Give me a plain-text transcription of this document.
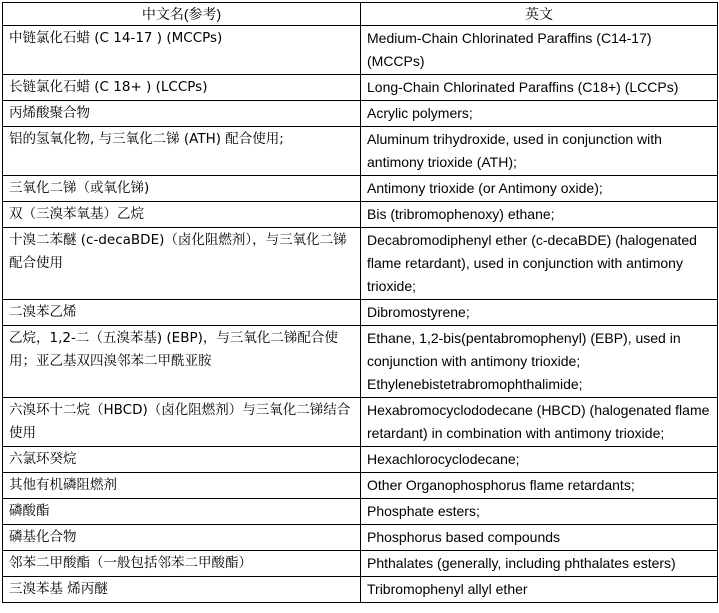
中文名(参考)	英文
中链氯化石蜡 (C 14-17 ) (MCCPs)	Medium-Chain Chlorinated Paraffins (C14-17) (MCCPs)
长链氯化石蜡 (C 18+ ) (LCCPs)	Long-Chain Chlorinated Paraffins (C18+) (LCCPs)
丙烯酸聚合物	Acrylic polymers;
铝的氢氧化物, 与三氧化二锑 (ATH) 配合使用;	Aluminum trihydroxide, used in conjunction with antimony trioxide (ATH);
三氧化二锑（或氧化锑)	Antimony trioxide (or Antimony oxide);
双（三溴苯氧基）乙烷	Bis (tribromophenoxy) ethane;
十溴二苯醚 (c-decaBDE)（卤化阻燃剂），与三氧化二锑配合使用	Decabromodiphenyl ether (c-decaBDE) (halogenated flame retardant), used in conjunction with antimony trioxide;
二溴苯乙烯	Dibromostyrene;
乙烷，1,2-二（五溴苯基) (EBP)，与三氧化二锑配合使用；亚乙基双四溴邻苯二甲酰亚胺	Ethane, 1,2-bis(pentabromophenyl) (EBP), used in conjunction with antimony trioxide; Ethylenebistetrabromophthalimide;
六溴环十二烷（HBCD)（卤化阻燃剂）与三氧化二锑结合使用	Hexabromocyclododecane (HBCD) (halogenated flame retardant) in combination with antimony trioxide;
六氯环癸烷	Hexachlorocyclodecane;
其他有机磷阻燃剂	Other Organophosphorus flame retardants;
磷酸酯	Phosphate esters;
磷基化合物	Phosphorus based compounds
邻苯二甲酸酯（一般包括邻苯二甲酸酯）	Phthalates (generally, including phthalates esters)
三溴苯基 烯丙醚	Tribromophenyl allyl ether
